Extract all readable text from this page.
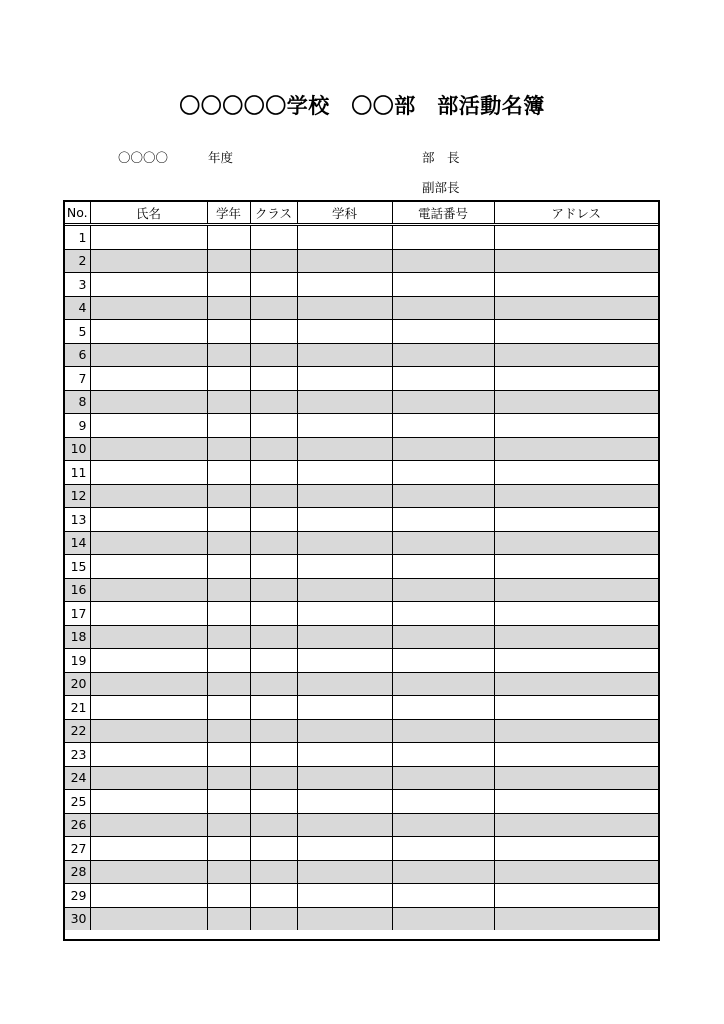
〇〇〇〇〇学校　〇〇部　部活動名簿
〇〇〇〇	年度	部　長
副部長
No.	氏名	学年	クラス	学科	電話番号	アドレス
1						
2						
3						
4						
5						
6						
7						
8						
9						
10						
11						
12						
13						
14						
15						
16						
17						
18						
19						
20						
21						
22						
23						
24						
25						
26						
27						
28						
29						
30						
